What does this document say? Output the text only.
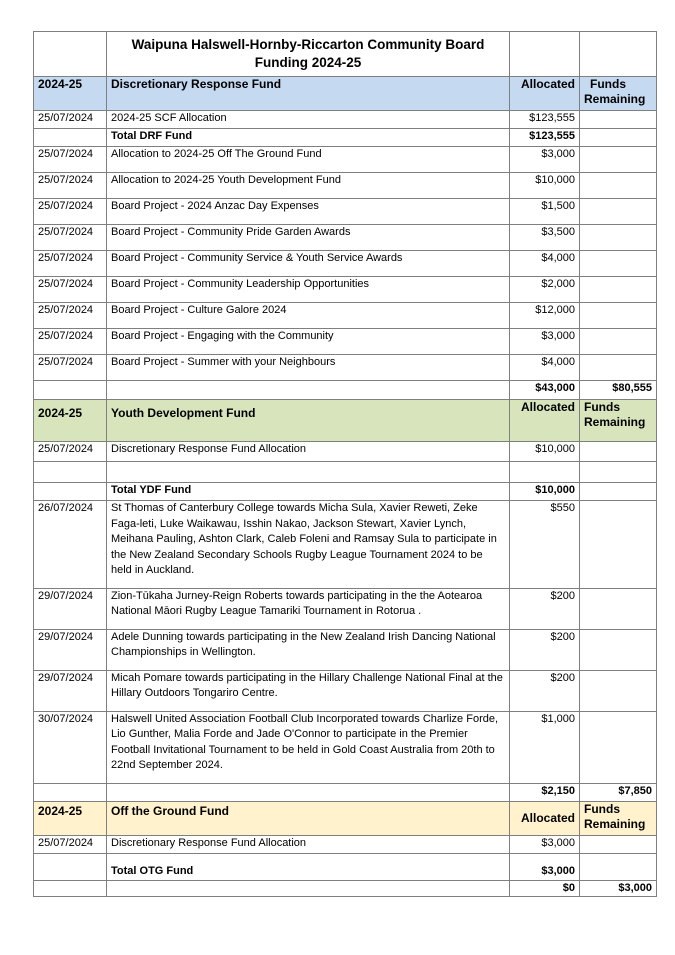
	Waipuna Halswell-Hornby-Riccarton Community Board
Funding 2024-25		
2024-25	Discretionary Response Fund	Allocated	Funds
Remaining
25/07/2024	2024-25 SCF Allocation	$123,555	
	Total DRF Fund	$123,555	
25/07/2024	Allocation to 2024-25 Off The Ground Fund	$3,000	
25/07/2024	Allocation to 2024-25 Youth Development Fund	$10,000	
25/07/2024	Board Project - 2024 Anzac Day Expenses	$1,500	
25/07/2024	Board Project - Community Pride Garden Awards	$3,500	
25/07/2024	Board Project - Community Service & Youth Service Awards	$4,000	
25/07/2024	Board Project - Community Leadership Opportunities	$2,000	
25/07/2024	Board Project - Culture Galore 2024	$12,000	
25/07/2024	Board Project - Engaging with the Community	$3,000	
25/07/2024	Board Project - Summer with your Neighbours	$4,000	
		$43,000	$80,555
2024-25	Youth Development Fund	Allocated	Funds
Remaining
25/07/2024	Discretionary Response Fund Allocation	$10,000	

	Total YDF Fund	$10,000	
26/07/2024	St Thomas of Canterbury College towards Micha Sula, Xavier Reweti, Zeke Faga-leti, Luke Waikawau, Isshin Nakao, Jackson Stewart, Xavier Lynch, Meihana Pauling, Ashton Clark, Caleb Foleni and Ramsay Sula to participate in the New Zealand Secondary Schools Rugby League Tournament 2024 to be held in Auckland.	$550	
29/07/2024	Zion-Tūkaha Jurney-Reign Roberts towards participating in the the Aotearoa National Māori Rugby League Tamariki Tournament in Rotorua .	$200	
29/07/2024	Adele Dunning towards participating in the New Zealand Irish Dancing National Championships in Wellington.	$200	
29/07/2024	Micah Pomare towards participating in the Hillary Challenge National Final at the Hillary Outdoors Tongariro Centre.	$200	
30/07/2024	Halswell United Association Football Club Incorporated towards Charlize Forde, Lio Gunther, Malia Forde and Jade O'Connor to participate in the Premier Football Invitational Tournament to be held in Gold Coast Australia from 20th to 22nd September 2024.	$1,000	
		$2,150	$7,850
2024-25	Off the Ground Fund	Allocated	Funds
Remaining
25/07/2024	Discretionary Response Fund Allocation	$3,000	
	Total OTG Fund	$3,000	
		$0	$3,000
